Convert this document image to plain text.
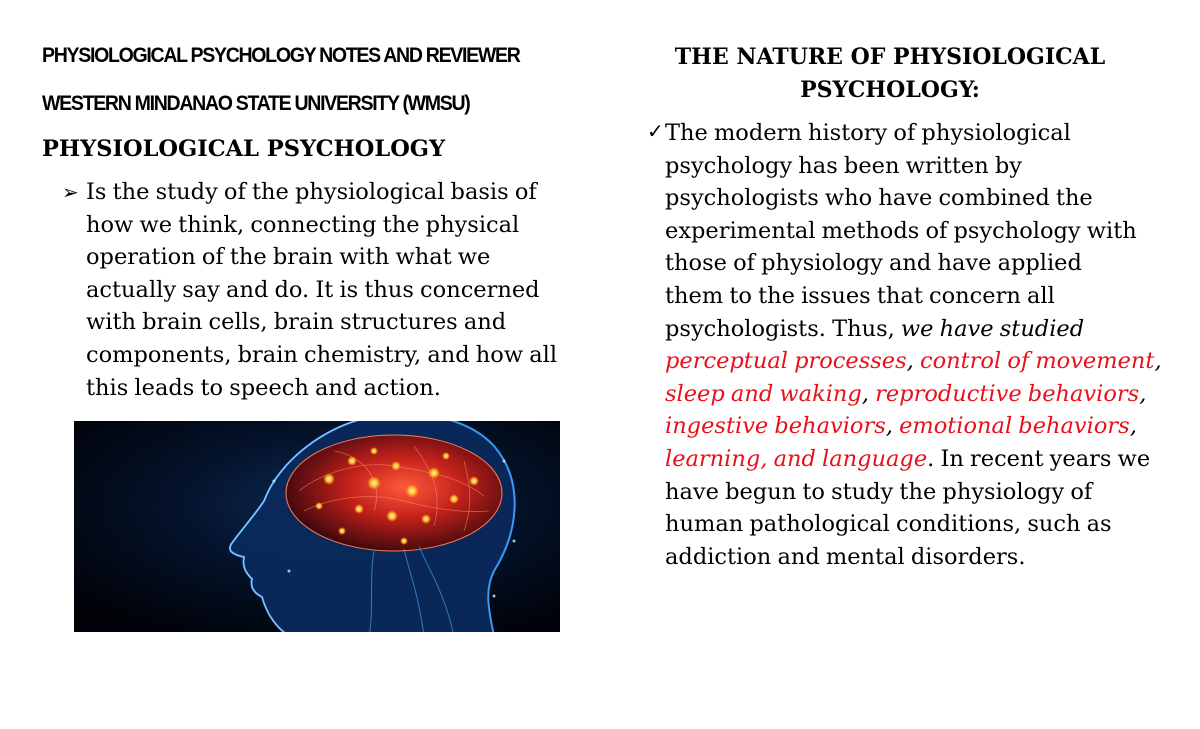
PHYSIOLOGICAL PSYCHOLOGY NOTES AND REVIEWER
WESTERN MINDANAO STATE UNIVERSITY (WMSU)
PHYSIOLOGICAL PSYCHOLOGY
➢ Is the study of the physiological basis of
how we think, connecting the physical
operation of the brain with what we
actually say and do. It is thus concerned
with brain cells, brain structures and
components, brain chemistry, and how all
this leads to speech and action.
THE NATURE OF PHYSIOLOGICAL
PSYCHOLOGY:
✓ The modern history of physiological
psychology has been written by
psychologists who have combined the
experimental methods of psychology with
those of physiology and have applied
them to the issues that concern all
psychologists. Thus, we have studied
perceptual processes, control of movement,
sleep and waking, reproductive behaviors,
ingestive behaviors, emotional behaviors,
learning, and language. In recent years we
have begun to study the physiology of
human pathological conditions, such as
addiction and mental disorders.
